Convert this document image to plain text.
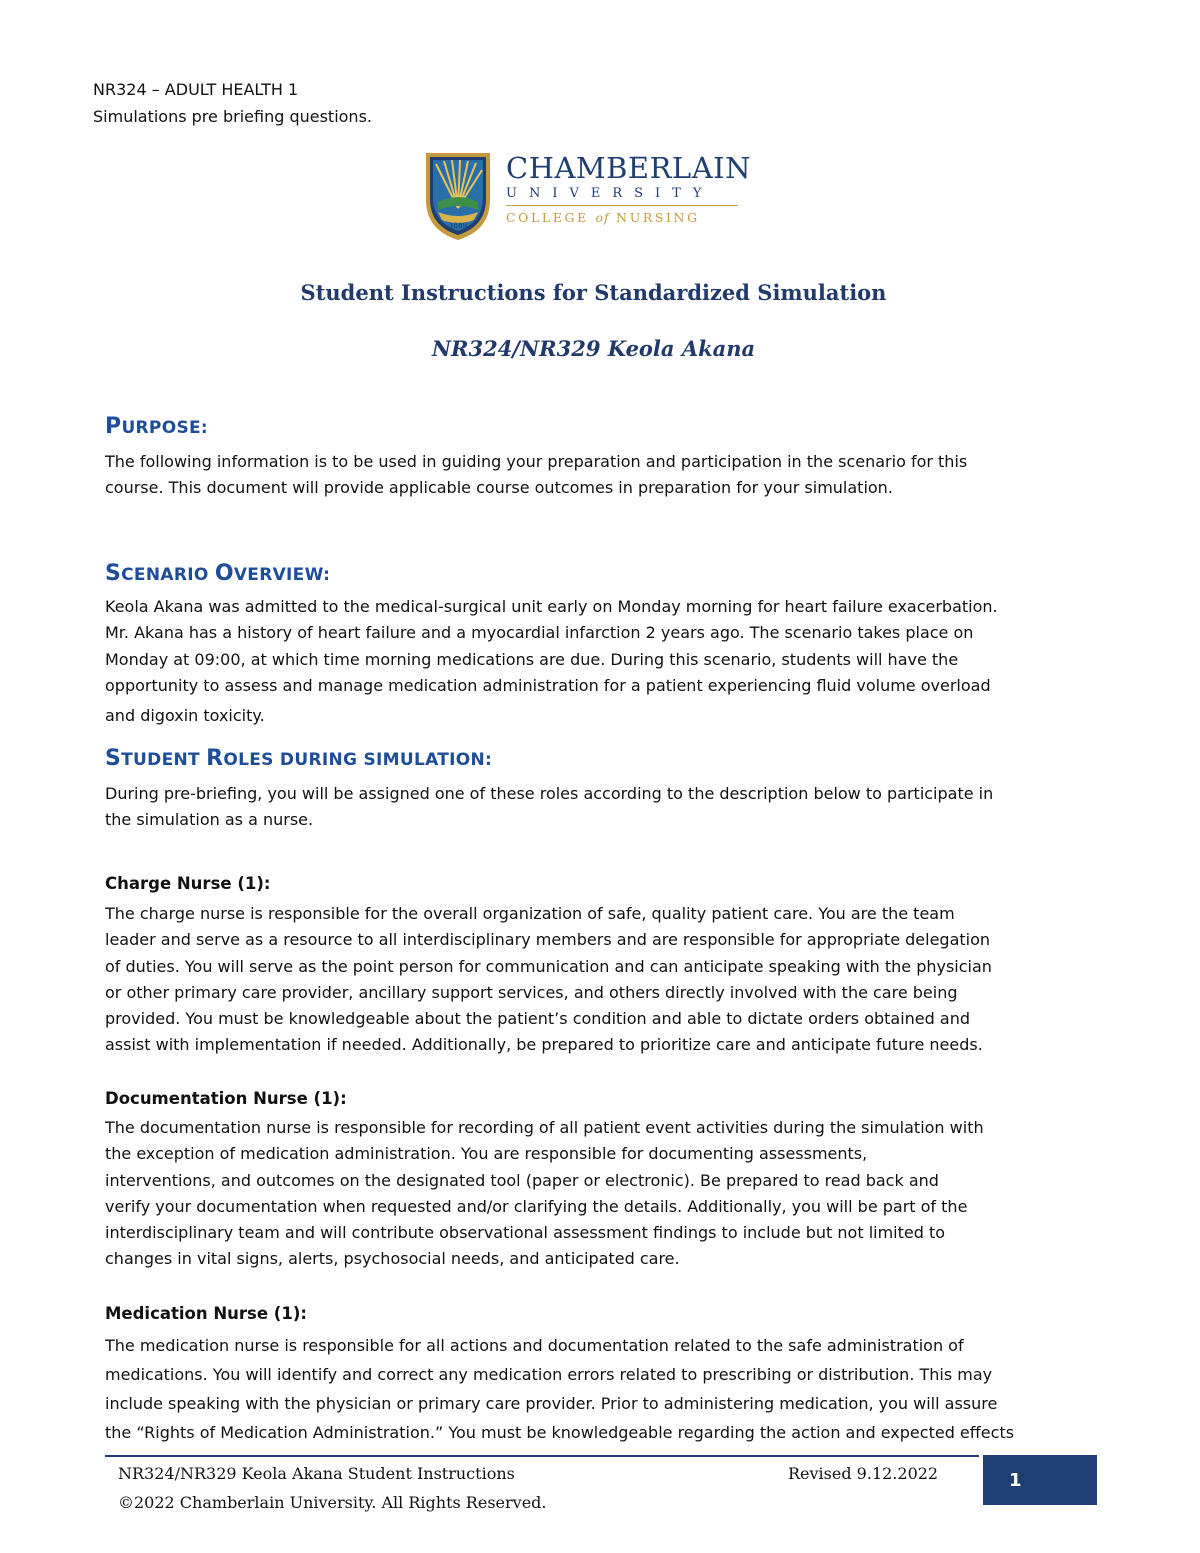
NR324 – ADULT HEALTH 1
Simulations pre briefing questions.
1889
CHAMBERLAIN
UNIVERSITY
COLLEGE of NURSING
Student Instructions for Standardized Simulation
NR324/NR329 Keola Akana
PURPOSE:
The following information is to be used in guiding your preparation and participation in the scenario for this
course. This document will provide applicable course outcomes in preparation for your simulation.
SCENARIO OVERVIEW:
Keola Akana was admitted to the medical-surgical unit early on Monday morning for heart failure exacerbation.
Mr. Akana has a history of heart failure and a myocardial infarction 2 years ago. The scenario takes place on
Monday at 09:00, at which time morning medications are due. During this scenario, students will have the
opportunity to assess and manage medication administration for a patient experiencing fluid volume overload
and digoxin toxicity.
STUDENT ROLES DURING SIMULATION:
During pre-briefing, you will be assigned one of these roles according to the description below to participate in
the simulation as a nurse.
Charge Nurse (1):
The charge nurse is responsible for the overall organization of safe, quality patient care. You are the team
leader and serve as a resource to all interdisciplinary members and are responsible for appropriate delegation
of duties. You will serve as the point person for communication and can anticipate speaking with the physician
or other primary care provider, ancillary support services, and others directly involved with the care being
provided. You must be knowledgeable about the patient’s condition and able to dictate orders obtained and
assist with implementation if needed. Additionally, be prepared to prioritize care and anticipate future needs.
Documentation Nurse (1):
The documentation nurse is responsible for recording of all patient event activities during the simulation with
the exception of medication administration. You are responsible for documenting assessments,
interventions, and outcomes on the designated tool (paper or electronic). Be prepared to read back and
verify your documentation when requested and/or clarifying the details. Additionally, you will be part of the
interdisciplinary team and will contribute observational assessment findings to include but not limited to
changes in vital signs, alerts, psychosocial needs, and anticipated care.
Medication Nurse (1):
The medication nurse is responsible for all actions and documentation related to the safe administration of
medications. You will identify and correct any medication errors related to prescribing or distribution. This may
include speaking with the physician or primary care provider. Prior to administering medication, you will assure
the “Rights of Medication Administration.” You must be knowledgeable regarding the action and expected effects
NR324/NR329 Keola Akana Student Instructions	Revised 9.12.2022
©2022 Chamberlain University. All Rights Reserved.
1
